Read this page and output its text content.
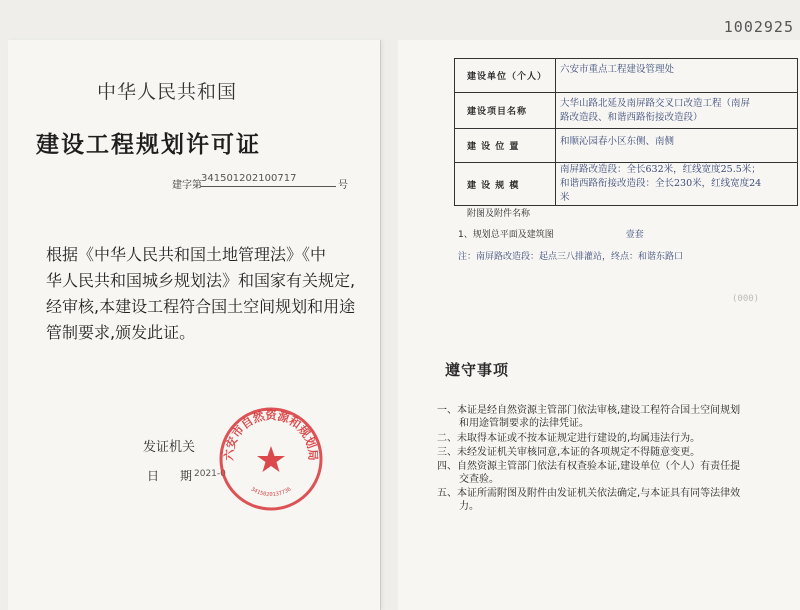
1002925
中华人民共和国
建设工程规划许可证
建字第
341501202100717
号
根据《中华人民共和国土地管理法》《中
华人民共和国城乡规划法》和国家有关规定,
经审核,本建设工程符合国土空间规划和用途
管制要求,颁发此证。
发证机关
日 期 2021-0
六安市自然资源和规划局
3415020137736
建设单位（个人）	六安市重点工程建设管理处
建设项目名称	大华山路北延及南屏路交叉口改造工程（南屏
路改造段、和谐西路衔接改造段）

建 设 位 置	和顺沁园春小区东侧、南侧
建 设 规 模	南屏路改造段：全长632米，红线宽度25.5米；
和谐西路衔接改造段：全长230米，红线宽度24
米
附图及附件名称
1、规划总平面及建筑图	壹套
注：南屏路改造段：起点三八排灌站，终点：和谐东路口
(000)
遵守事项
一、本证是经自然资源主管部门依法审核,建设工程符合国土空间规划
和用途管制要求的法律凭证。
二、未取得本证或不按本证规定进行建设的,均属违法行为。
三、未经发证机关审核同意,本证的各项规定不得随意变更。
四、自然资源主管部门依法有权查验本证,建设单位（个人）有责任提
交查验。
五、本证所需附图及附件由发证机关依法确定,与本证具有同等法律效
力。
